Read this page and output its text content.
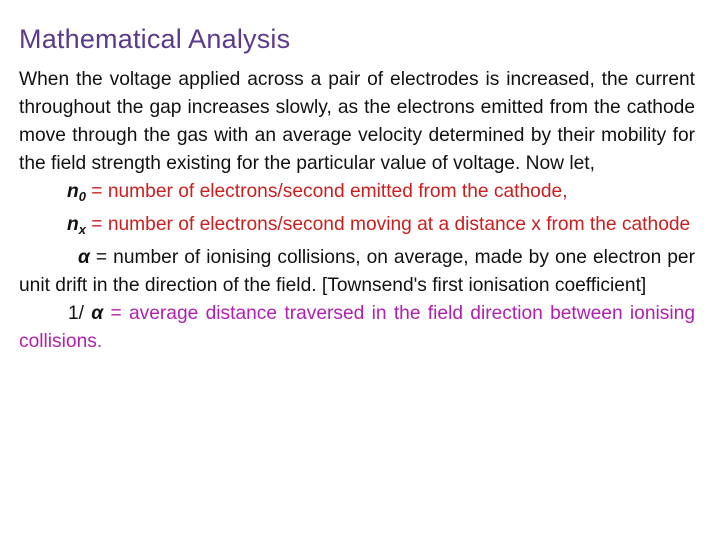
Mathematical Analysis

When the voltage applied across a pair of electrodes is increased, the current throughout the gap increases slowly, as the electrons emitted from the cathode move through the gas with an average velocity determined by their mobility for the field strength existing for the particular value of voltage. Now let,

$n_0$ = number of electrons/second emitted from the cathode,

$n_x$ = number of electrons/second moving at a distance x from the cathode

α = number of ionising collisions, on average, made by one electron per unit drift in the direction of the field. [Townsend's first ionisation coefficient]

1/ α = average distance traversed in the field direction between ionising collisions.
